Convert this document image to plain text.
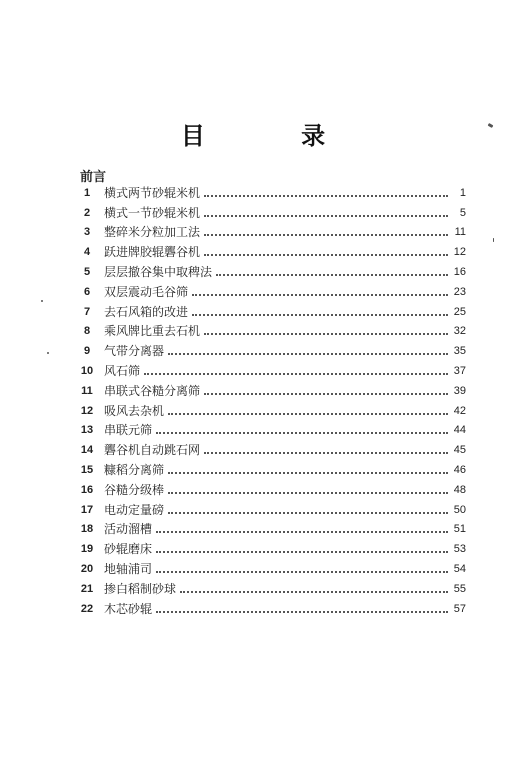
目 录
前言
1	横式两节砂辊米机	1
2	横式一节砂辊米机	5
3	整碎米分粒加工法	11
4	跃进牌胶辊礱谷机	12
5	层层撤谷集中取稗法	16
6	双层震动毛谷筛	23
7	去石风箱的改进	25
8	乘风牌比重去石机	32
9	气带分离器	35
10 风石筛	37
11 串联式谷糙分离筛	39
12 吸风去杂机	42
13 串联元筛	44
14 礱谷机自动跳石网	45
15 糠稻分离筛	46
16 谷糙分级棒	48
17 电动定量磅	50
18 活动溜槽	51
19 砂辊磨床	53
20 地轴浦司	54
21 掺白稻制砂球	55
22 木芯砂辊	57
